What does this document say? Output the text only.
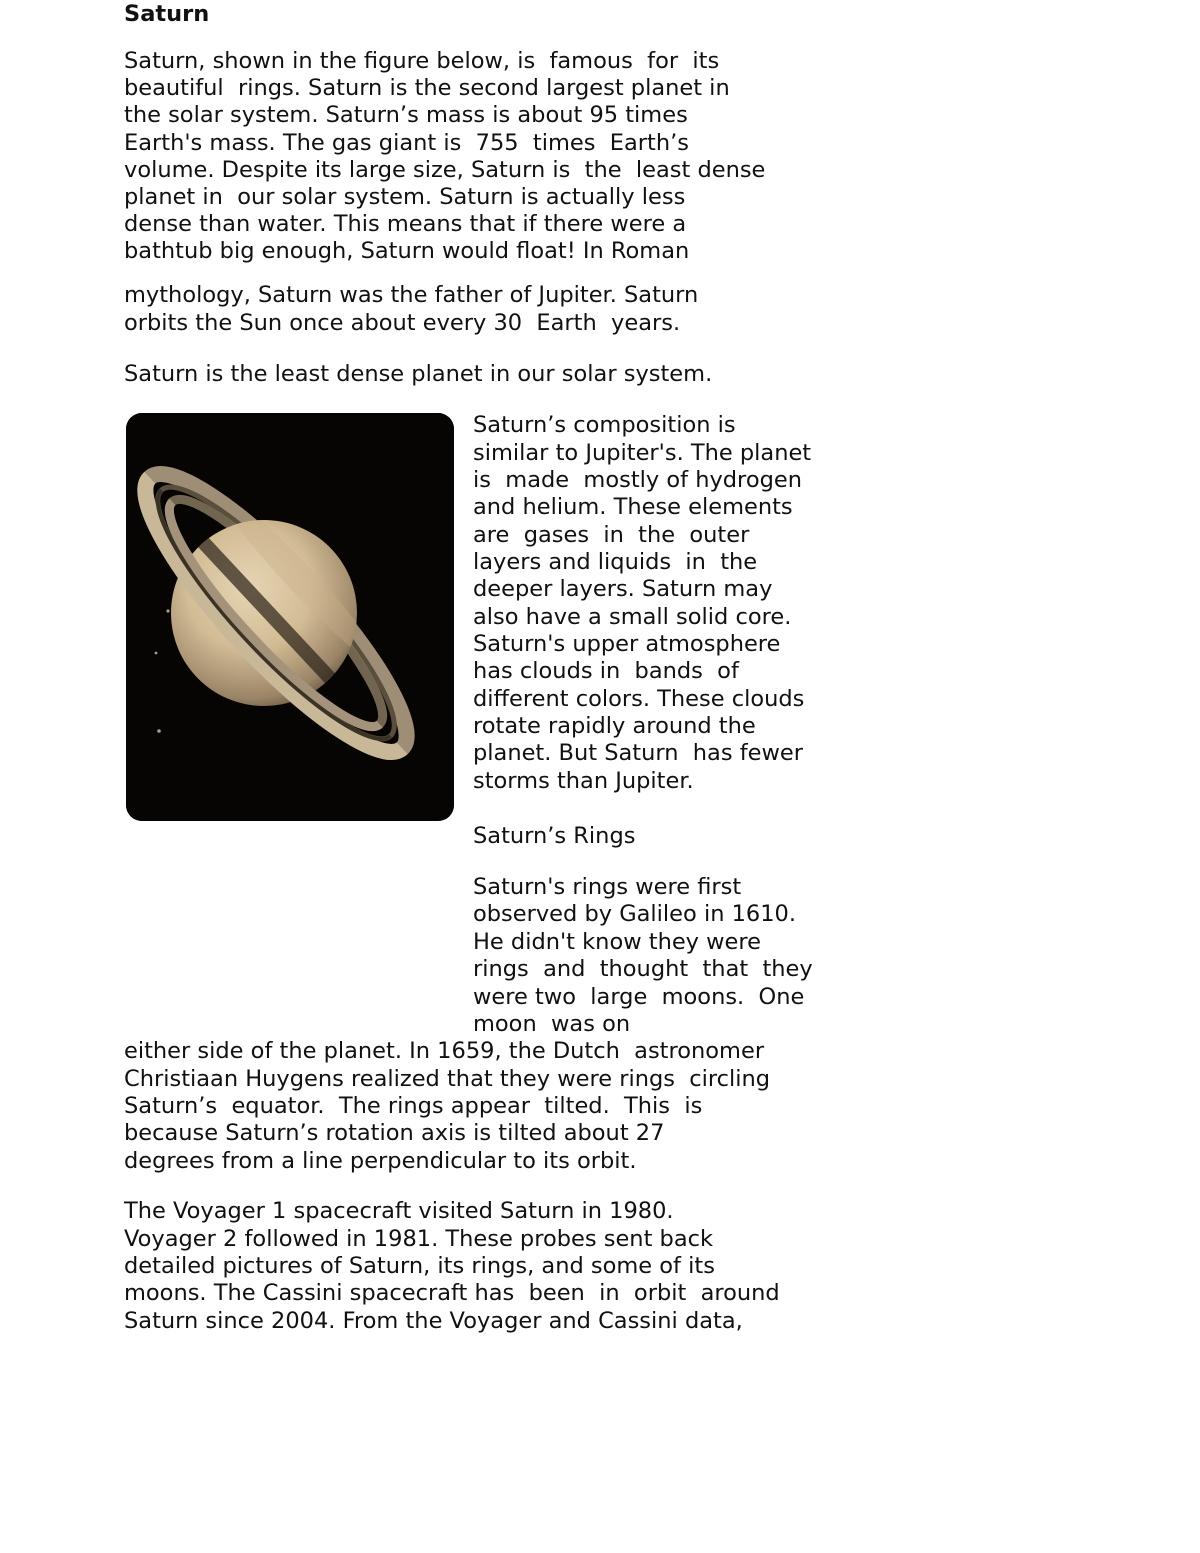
Saturn
Saturn, shown in the figure below, is  famous  for  its
beautiful  rings. Saturn is the second largest planet in
the solar system. Saturn’s mass is about 95 times
Earth's mass. The gas giant is  755  times  Earth’s
volume. Despite its large size, Saturn is  the  least dense
planet in  our solar system. Saturn is actually less
dense than water. This means that if there were a
bathtub big enough, Saturn would float! In Roman
mythology, Saturn was the father of Jupiter. Saturn
orbits the Sun once about every 30  Earth  years.
Saturn is the least dense planet in our solar system.
Saturn’s composition is
similar to Jupiter's. The planet
is  made  mostly of hydrogen
and helium. These elements
are  gases  in  the  outer
layers and liquids  in  the
deeper layers. Saturn may
also have a small solid core.
Saturn's upper atmosphere
has clouds in  bands  of
different colors. These clouds
rotate rapidly around the
planet. But Saturn  has fewer
storms than Jupiter.
Saturn’s Rings
Saturn's rings were first
observed by Galileo in 1610.
He didn't know they were
rings  and  thought  that  they
were two  large  moons.  One
moon  was on
either side of the planet. In 1659, the Dutch  astronomer
Christiaan Huygens realized that they were rings  circling
Saturn’s  equator.  The rings appear  tilted.  This  is
because Saturn’s rotation axis is tilted about 27
degrees from a line perpendicular to its orbit.
The Voyager 1 spacecraft visited Saturn in 1980.
Voyager 2 followed in 1981. These probes sent back
detailed pictures of Saturn, its rings, and some of its
moons. The Cassini spacecraft has  been  in  orbit  around
Saturn since 2004. From the Voyager and Cassini data,
